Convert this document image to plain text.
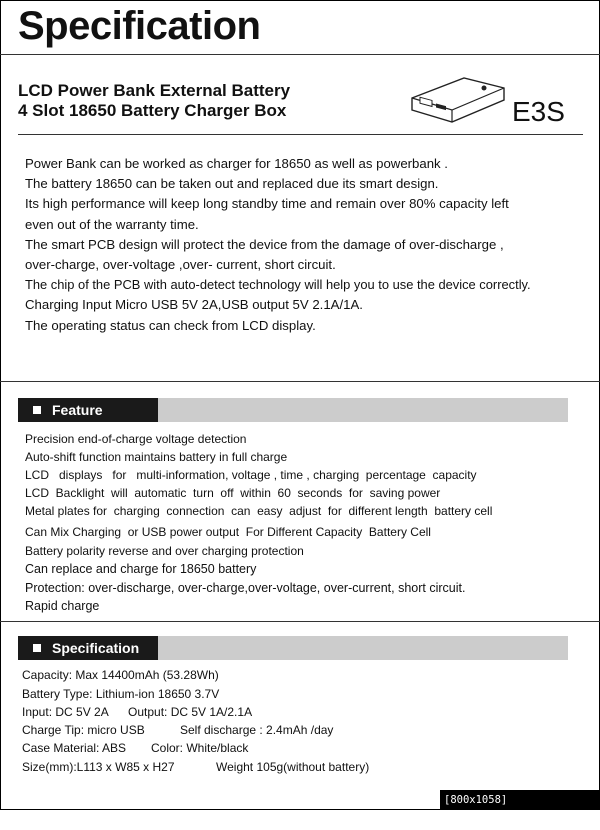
Specification
LCD Power Bank External Battery
4 Slot 18650 Battery Charger Box	E3S
Power Bank can be worked as charger for 18650 as well as powerbank .
The battery 18650 can be taken out and replaced due its smart design.
Its high performance will keep long standby time and remain over 80% capacity left
even out of the warranty time.
The smart PCB design will protect the device from the damage of over-discharge ,
over-charge, over-voltage ,over- current, short circuit.
The chip of the PCB with auto-detect technology will help you to use the device correctly.
Charging Input Micro USB 5V 2A,USB output 5V 2.1A/1A.
The operating status can check from LCD display.
Feature
Precision end-of-charge voltage detection
Auto-shift function maintains battery in full charge
LCD   displays   for   multi-information, voltage , time , charging  percentage  capacity
LCD  Backlight  will  automatic  turn  off  within  60  seconds  for  saving power
Metal plates for  charging  connection  can  easy  adjust  for  different length  battery cell
Can Mix Charging  or USB power output  For Different Capacity  Battery Cell
Battery polarity reverse and over charging protection
Can replace and charge for 18650 battery
Protection: over-discharge, over-charge,over-voltage, over-current, short circuit.
Rapid charge
Specification
Capacity: Max 14400mAh (53.28Wh)
Battery Type: Lithium-ion 18650 3.7V
Input: DC 5V 2A Output: DC 5V 1A/2.1A
Charge Tip: micro USB	Self discharge : 2.4mAh /day
Case Material: ABS Color: White/black
Size(mm):L113 x W85 x H27	Weight 105g(without battery)
[800x1058] https://upic.me/
